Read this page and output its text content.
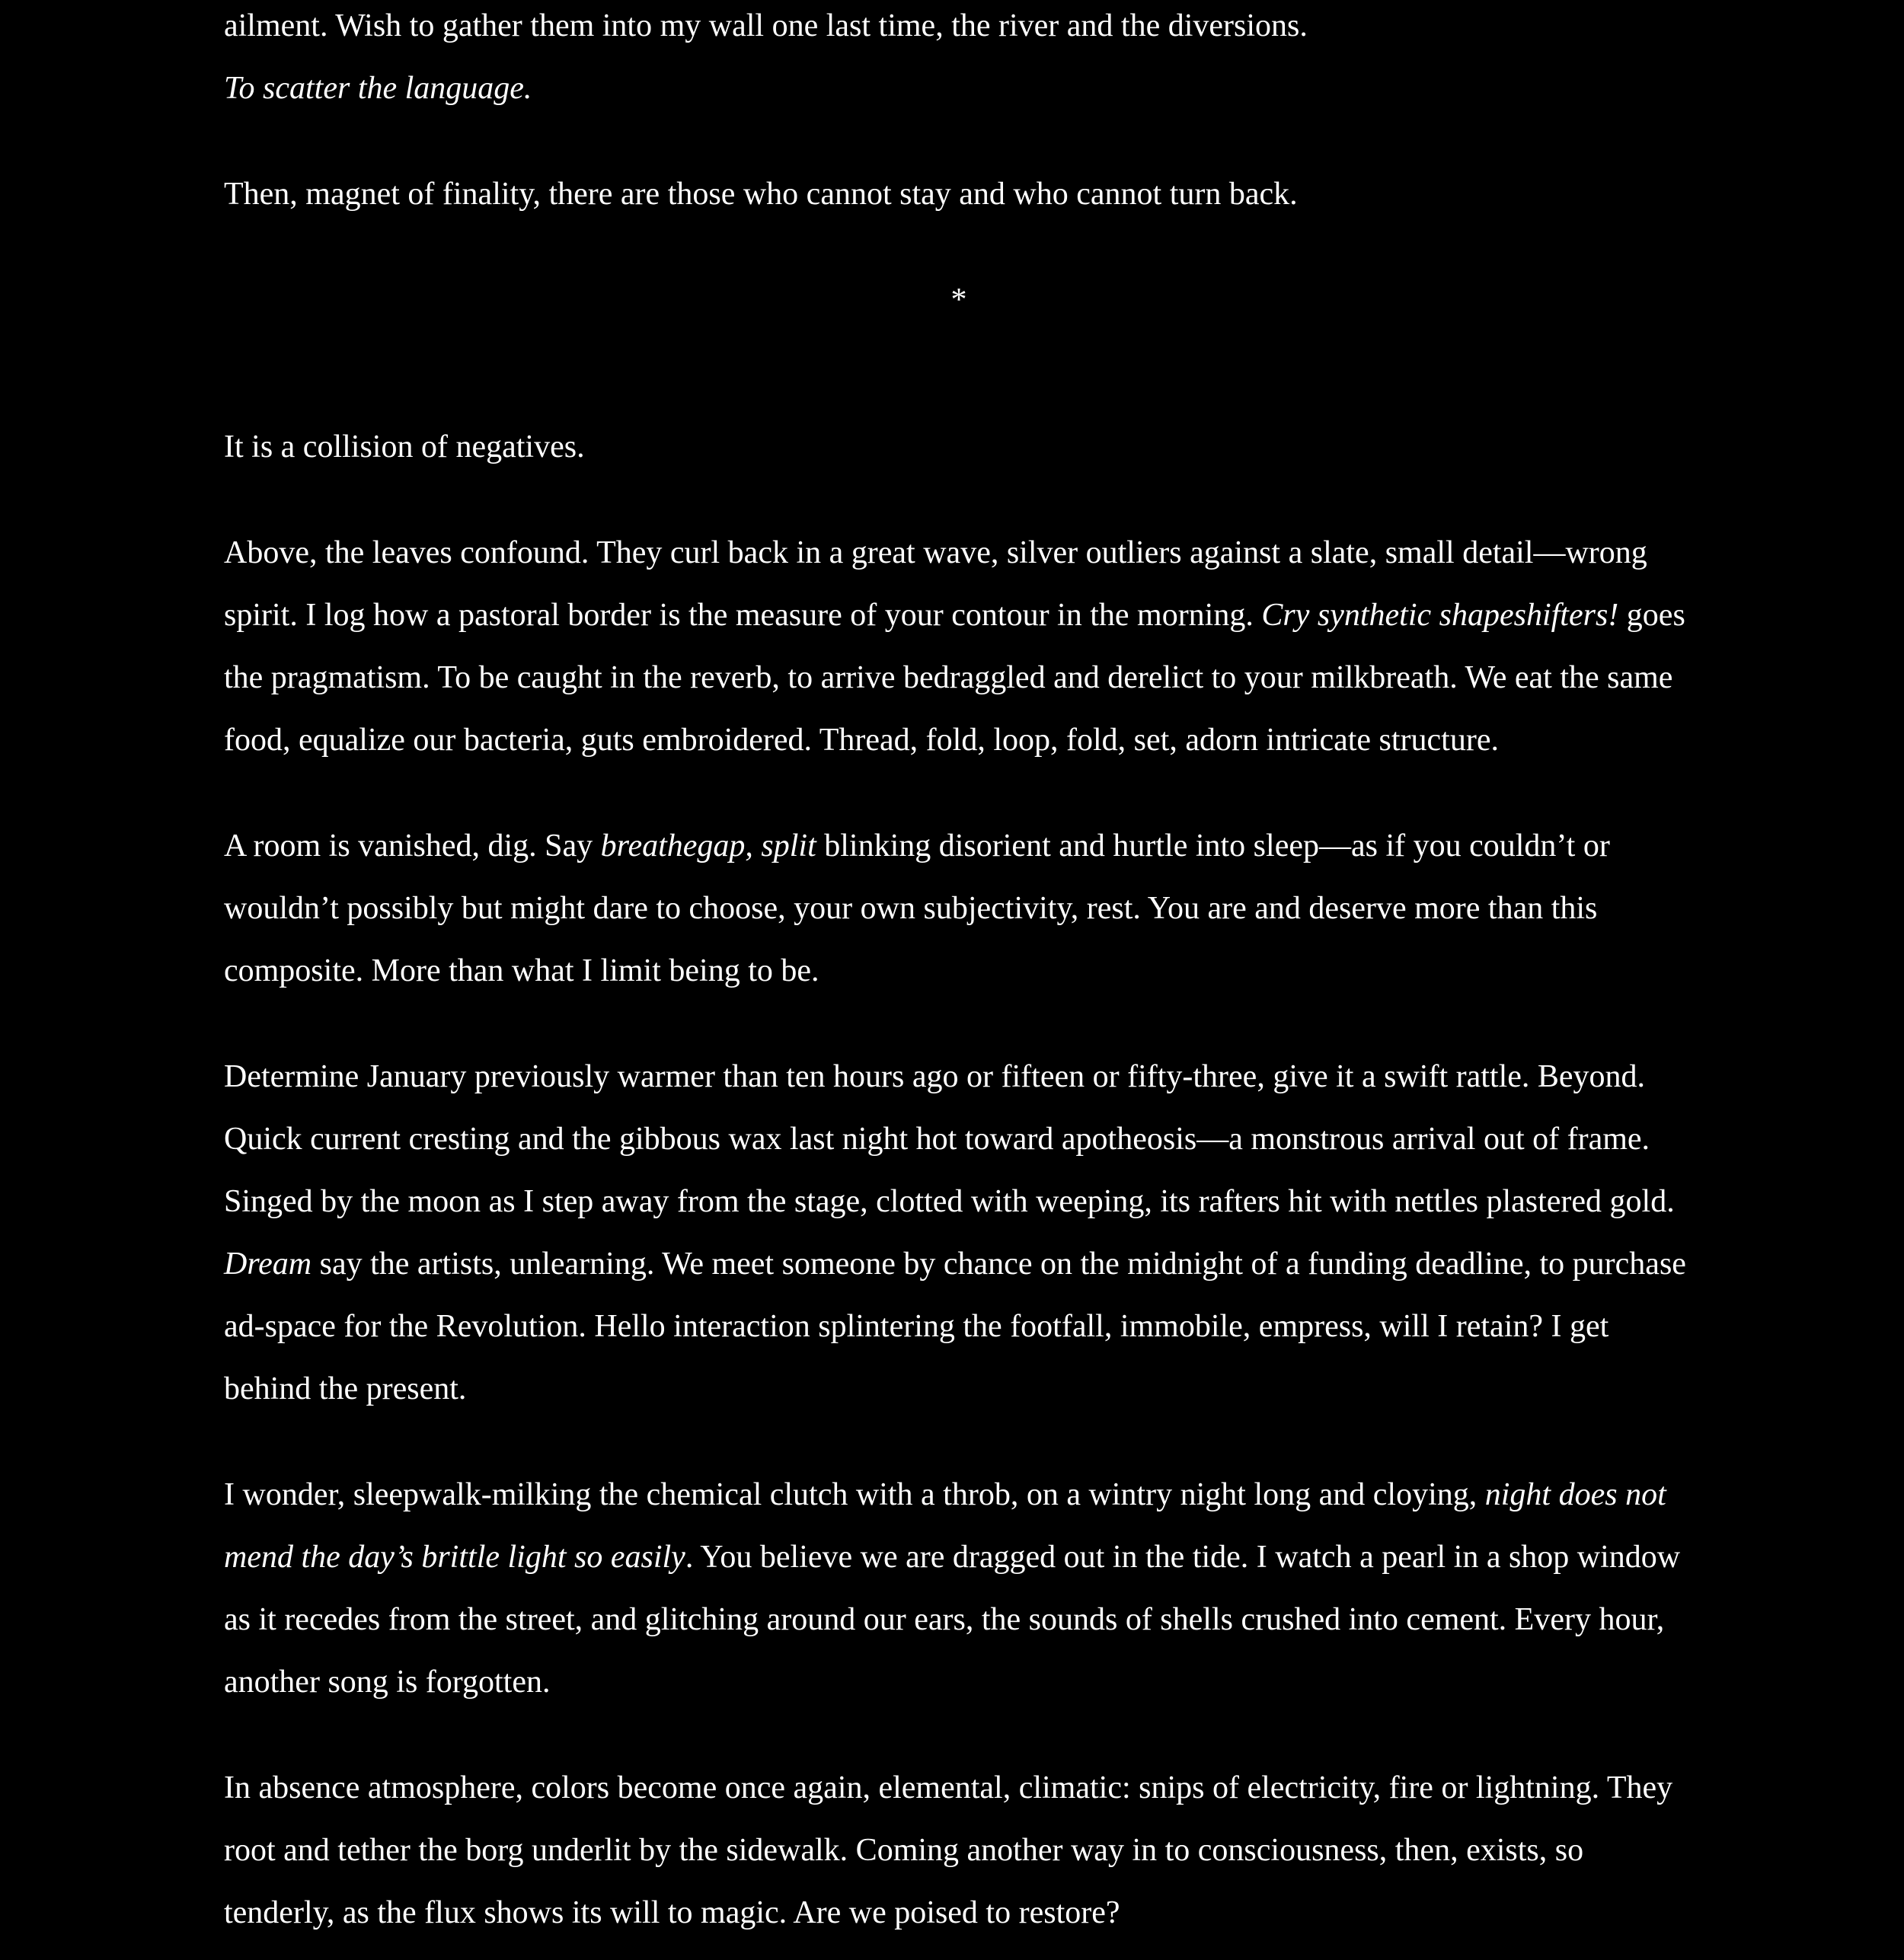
ailment. Wish to gather them into my wall one last time, the river and the diversions.

To scatter the language.

Then, magnet of finality, there are those who cannot stay and who cannot turn back.

*

It is a collision of negatives.

Above, the leaves confound. They curl back in a great wave, silver outliers against a slate, small detail—wrong spirit. I log how a pastoral border is the measure of your contour in the morning. Cry synthetic shapeshifters! goes the pragmatism. To be caught in the reverb, to arrive bedraggled and derelict to your milkbreath. We eat the same food, equalize our bacteria, guts embroidered. Thread, fold, loop, fold, set, adorn intricate structure.

A room is vanished, dig. Say breathegap, split blinking disorient and hurtle into sleep—as if you couldn’t or wouldn’t possibly but might dare to choose, your own subjectivity, rest. You are and deserve more than this composite. More than what I limit being to be.

Determine January previously warmer than ten hours ago or fifteen or fifty-three, give it a swift rattle. Beyond. Quick current cresting and the gibbous wax last night hot toward apotheosis—a monstrous arrival out of frame. Singed by the moon as I step away from the stage, clotted with weeping, its rafters hit with nettles plastered gold. Dream say the artists, unlearning. We meet someone by chance on the midnight of a funding deadline, to purchase ad-space for the Revolution. Hello interaction splintering the footfall, immobile, empress, will I retain? I get behind the present.

I wonder, sleepwalk-milking the chemical clutch with a throb, on a wintry night long and cloying, night does not mend the day’s brittle light so easily. You believe we are dragged out in the tide. I watch a pearl in a shop window as it recedes from the street, and glitching around our ears, the sounds of shells crushed into cement. Every hour, another song is forgotten.

In absence atmosphere, colors become once again, elemental, climatic: snips of electricity, fire or lightning. They root and tether the borg underlit by the sidewalk. Coming another way in to consciousness, then, exists, so tenderly, as the flux shows its will to magic. Are we poised to restore?
